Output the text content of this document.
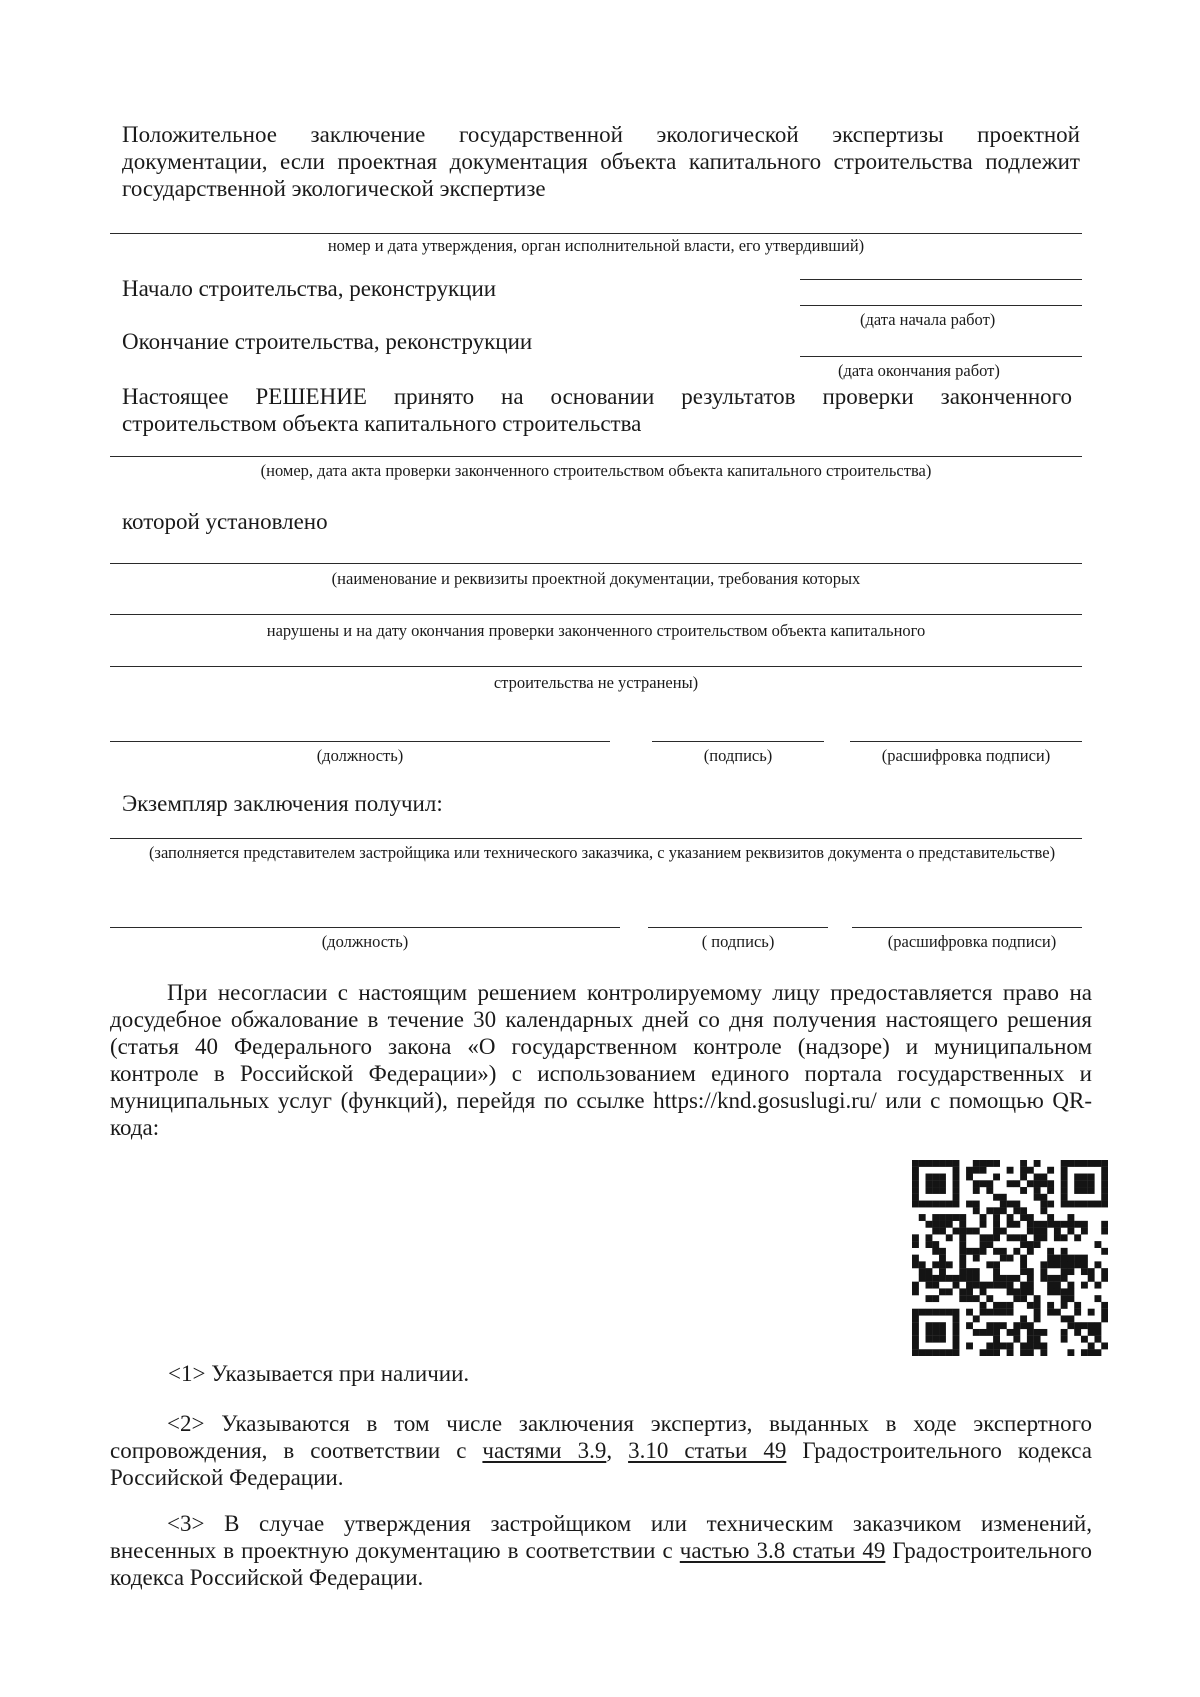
Положительное заключение государственной экологической экспертизы проектной документации, если проектная документация объекта капитального строительства подлежит государственной экологической экспертизе
номер и дата утверждения, орган исполнительной власти, его утвердивший)
Начало строительства, реконструкции
(дата начала работ)
Окончание строительства, реконструкции
(дата окончания работ)
Настоящее РЕШЕНИЕ принято на основании результатов проверки законченного строительством объекта капитального строительства
(номер, дата акта проверки законченного строительством объекта капитального строительства)
которой установлено
(наименование и реквизиты проектной документации, требования которых
нарушены и на дату окончания проверки законченного строительством объекта капитального
строительства не устранены)
(должность)	(подпись)	(расшифровка подписи)
Экземпляр заключения получил:
(заполняется представителем застройщика или технического заказчика, с указанием реквизитов документа о представительстве)
(должность)	( подпись)	(расшифровка подписи)
При несогласии с настоящим решением контролируемому лицу предоставляется право на досудебное обжалование в течение 30 календарных дней со дня получения настоящего решения (статья 40 Федерального закона «О государственном контроле (надзоре) и муниципальном контроле в Российской Федерации») с использованием единого портала государственных и муниципальных услуг (функций), перейдя по ссылке https://knd.gosuslugi.ru/ или с помощью QR-кода:
<1> Указывается при наличии.
<2> Указываются в том числе заключения экспертиз, выданных в ходе экспертного сопровождения, в соответствии с частями 3.9, 3.10 статьи 49 Градостроительного кодекса Российской Федерации.
<3> В случае утверждения застройщиком или техническим заказчиком изменений, внесенных в проектную документацию в соответствии с частью 3.8 статьи 49 Градостроительного кодекса Российской Федерации.
